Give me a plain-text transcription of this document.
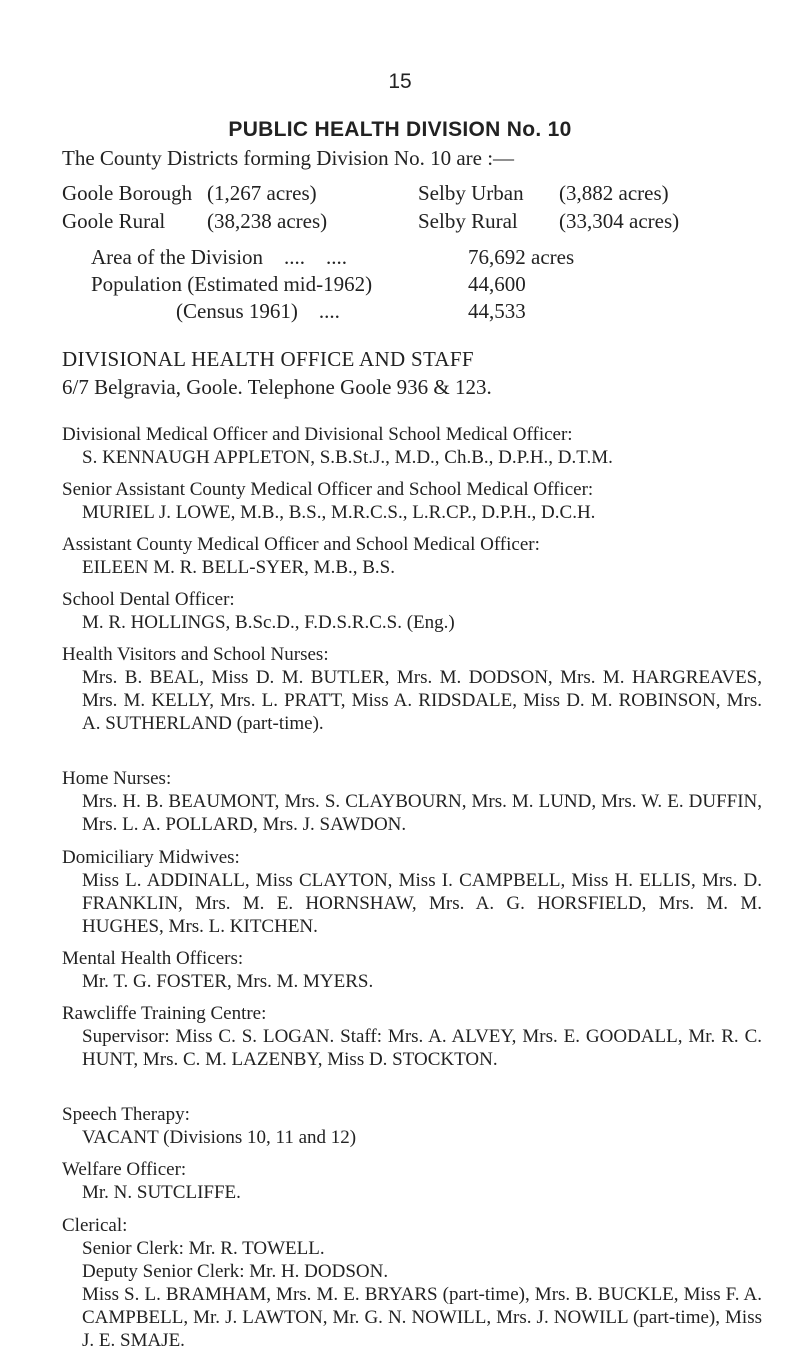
15
PUBLIC HEALTH DIVISION No. 10
The County Districts forming Division No. 10 are :—
Goole Borough (1,267 acres)	Selby Urban (3,882 acres)
Goole Rural (38,238 acres)	Selby Rural (33,304 acres)
Area of the Division    ....    ....	76,692 acres
Population (Estimated mid-1962)	44,600
(Census 1961)    ....	44,533
DIVISIONAL HEALTH OFFICE AND STAFF
6/7 Belgravia, Goole. Telephone Goole 936 & 123.
Divisional Medical Officer and Divisional School Medical Officer:
S. KENNAUGH APPLETON, S.B.St.J., M.D., Ch.B., D.P.H., D.T.M.
Senior Assistant County Medical Officer and School Medical Officer:
MURIEL J. LOWE, M.B., B.S., M.R.C.S., L.R.CP., D.P.H., D.C.H.
Assistant County Medical Officer and School Medical Officer:
EILEEN M. R. BELL-SYER, M.B., B.S.
School Dental Officer:
M. R. HOLLINGS, B.Sc.D., F.D.S.R.C.S. (Eng.)
Health Visitors and School Nurses:
Mrs. B. BEAL, Miss D. M. BUTLER, Mrs. M. DODSON, Mrs. M. HARGREAVES, Mrs. M. KELLY, Mrs. L. PRATT, Miss A. RIDSDALE, Miss D. M. ROBINSON, Mrs. A. SUTHERLAND (part-time).
Home Nurses:
Mrs. H. B. BEAUMONT, Mrs. S. CLAYBOURN, Mrs. M. LUND, Mrs. W. E. DUFFIN, Mrs. L. A. POLLARD, Mrs. J. SAWDON.
Domiciliary Midwives:
Miss L. ADDINALL, Miss CLAYTON, Miss I. CAMPBELL, Miss H. ELLIS, Mrs. D. FRANKLIN, Mrs. M. E. HORNSHAW, Mrs. A. G. HORSFIELD, Mrs. M. M. HUGHES, Mrs. L. KITCHEN.
Mental Health Officers:
Mr. T. G. FOSTER, Mrs. M. MYERS.
Rawcliffe Training Centre:
Supervisor: Miss C. S. LOGAN. Staff: Mrs. A. ALVEY, Mrs. E. GOODALL, Mr. R. C. HUNT, Mrs. C. M. LAZENBY, Miss D. STOCKTON.
Speech Therapy:
VACANT (Divisions 10, 11 and 12)
Welfare Officer:
Mr. N. SUTCLIFFE.
Clerical:
Senior Clerk: Mr. R. TOWELL.
Deputy Senior Clerk: Mr. H. DODSON.
Miss S. L. BRAMHAM, Mrs. M. E. BRYARS (part-time), Mrs. B. BUCKLE, Miss F. A. CAMPBELL, Mr. J. LAWTON, Mr. G. N. NOWILL, Mrs. J. NOWILL (part-time), Miss J. E. SMAJE.
